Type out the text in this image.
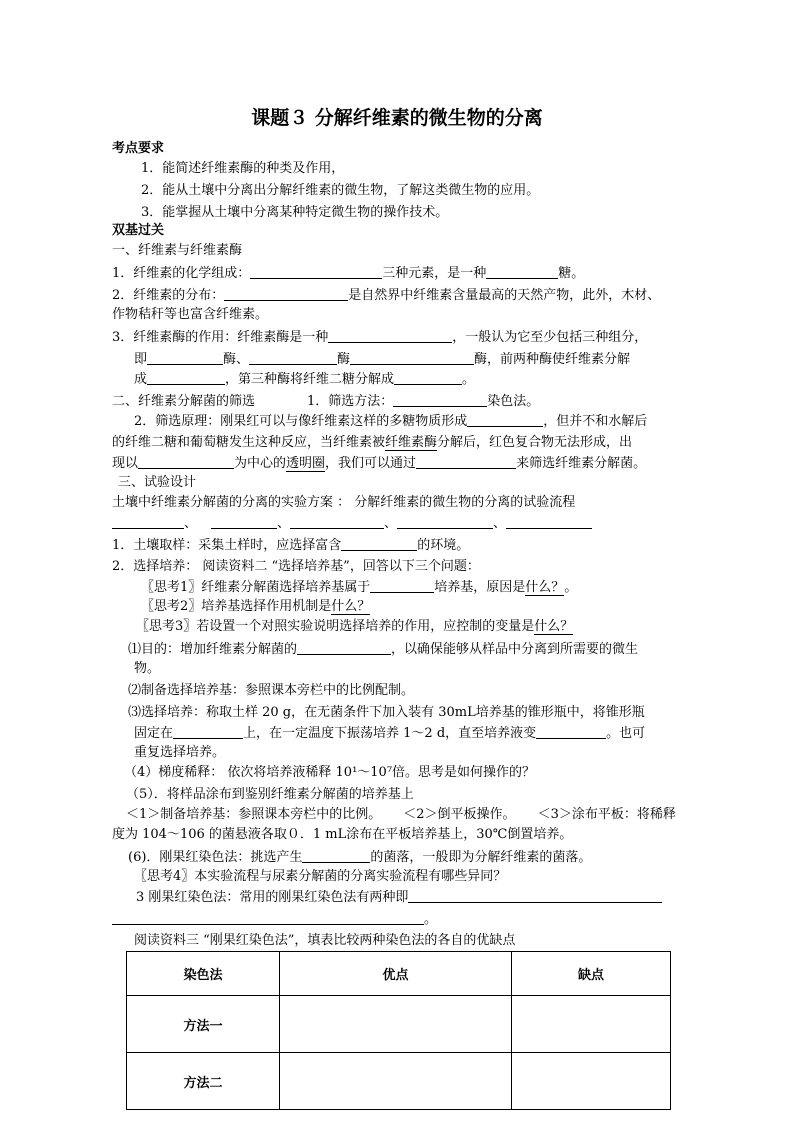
课题３ 分解纤维素的微生物的分离
考点要求
1．能简述纤维素酶的种类及作用，
2．能从土壤中分离出分解纤维素的微生物，了解这类微生物的应用。
3．能掌握从土壤中分离某种特定微生物的操作技术。
双基过关
一、纤维素与纤维素酶
1．纤维素的化学组成：	三种元素，是一种	糖。
2．纤维素的分布：	是自然界中纤维素含量最高的天然产物，此外，木材、
作物秸秆等也富含纤维素。
3．纤维素酶的作用：纤维素酶是一种	，一般认为它至少包括三种组分，
即	酶、	酶	酶，前两种酶使纤维素分解
成	，第三种酶将纤维二糖分解成	。
二、纤维素分解菌的筛选	1．筛选方法：	染色法。
2．筛选原理：刚果红可以与像纤维素这样的多糖物质形成	，但并不和水解后
的纤维二糖和葡萄糖发生这种反应，当纤维素被纤维素酶分解后，红色复合物无法形成，出
现以	为中心的透明圈，我们可以通过	来筛选纤维素分解菌。
三、试验设计
土壤中纤维素分解菌的分离的实验方案 ： 分解纤维素的微生物的分离的试验流程
、	、	、	、
1．土壤取样：采集土样时，应选择富含	的环境。
2．选择培养： 阅读资料二 “选择培养基”，回答以下三个问题：
〖思考1〗纤维素分解菌选择培养基属于	培养基，原因是什么？。
〖思考2〗培养基选择作用机制是什么？
〖思考3〗若设置一个对照实验说明选择培养的作用，应控制的变量是什么？
⑴目的：增加纤维素分解菌的	，以确保能够从样品中分离到所需要的微生
物。
⑵制备选择培养基：参照课本旁栏中的比例配制。
⑶选择培养：称取土样 20 g，在无菌条件下加入装有 30mL培养基的锥形瓶中，将锥形瓶
固定在	上，在一定温度下振荡培养 1～2 d，直至培养液变	。也可
重复选择培养。
（4）梯度稀释： 依次将培养液稀释 10¹～10⁷倍。思考是如何操作的？
（5）．将样品涂布到鉴别纤维素分解菌的培养基上
＜1＞制备培养基：参照课本旁栏中的比例。 ＜2＞倒平板操作。 ＜3＞涂布平板：将稀释
度为 104～106 的菌悬液各取０．1 mL涂布在平板培养基上，30℃倒置培养。
(6)．刚果红染色法：挑选产生	的菌落，一般即为分解纤维素的菌落。
〖思考4〗本实验流程与尿素分解菌的分离实验流程有哪些异同？
3 刚果红染色法：常用的刚果红染色法有两种即
。
阅读资料三 “刚果红染色法”，填表比较两种染色法的各自的优缺点
染色法	优点	缺点
方法一		
方法二		
